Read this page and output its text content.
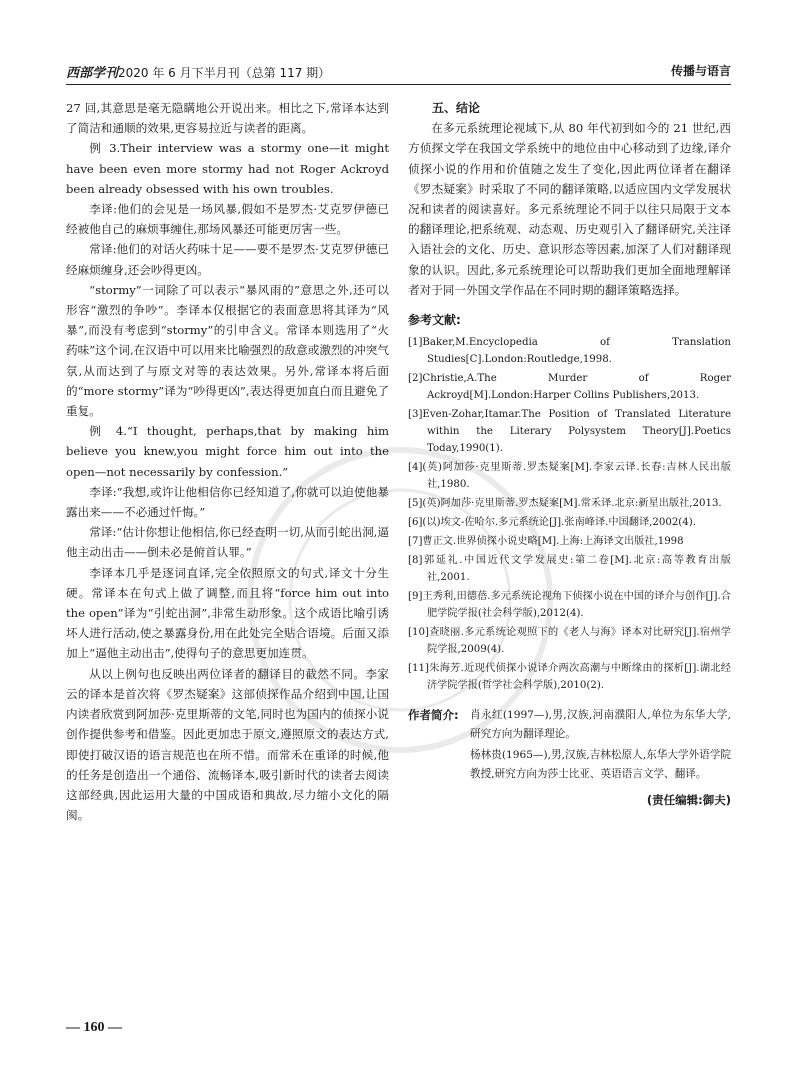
西部学刊2020 年 6 月下半月刊（总第 117 期）	传播与语言

27 回,其意思是毫无隐瞒地公开说出来。相比之下,常译本达到了简洁和通顺的效果,更容易拉近与读者的距离。

例 3.Their interview was a stormy one—it might have been even more stormy had not Roger Ackroyd been already obsessed with his own troubles.

李译:他们的会见是一场风暴,假如不是罗杰·艾克罗伊德已经被他自己的麻烦事缠住,那场风暴还可能更厉害一些。

常译:他们的对话火药味十足——要不是罗杰·艾克罗伊德已经麻烦缠身,还会吵得更凶。

“stormy”一词除了可以表示“暴风雨的”意思之外,还可以形容“激烈的争吵”。李译本仅根据它的表面意思将其译为“风暴”,而没有考虑到“stormy”的引申含义。常译本则选用了“火药味”这个词,在汉语中可以用来比喻强烈的敌意或激烈的冲突气氛,从而达到了与原文对等的表达效果。另外,常译本将后面的“more stormy”译为“吵得更凶”,表达得更加直白而且避免了重复。

例 4.“I thought, perhaps,that by making him believe you knew,you might force him out into the open—not necessarily by confession.”

李译:“我想,或许让他相信你已经知道了,你就可以迫使他暴露出来——不必通过忏悔。”

常译:“估计你想让他相信,你已经查明一切,从而引蛇出洞,逼他主动出击——倒未必是俯首认罪。”

李译本几乎是逐词直译,完全依照原文的句式,译文十分生硬。常译本在句式上做了调整,而且将“force him out into the open”译为“引蛇出洞”,非常生动形象。这个成语比喻引诱坏人进行活动,使之暴露身份,用在此处完全贴合语境。后面又添加上“逼他主动出击”,使得句子的意思更加连贯。

从以上例句也反映出两位译者的翻译目的截然不同。李家云的译本是首次将《罗杰疑案》这部侦探作品介绍到中国,让国内读者欣赏到阿加莎·克里斯蒂的文笔,同时也为国内的侦探小说创作提供参考和借鉴。因此更加忠于原文,遵照原文的表达方式,即使打破汉语的语言规范也在所不惜。而常禾在重译的时候,他的任务是创造出一个通俗、流畅译本,吸引新时代的读者去阅读这部经典,因此运用大量的中国成语和典故,尽力缩小文化的隔阂。

五、结论

在多元系统理论视域下,从 80 年代初到如今的 21 世纪,西方侦探文学在我国文学系统中的地位由中心移动到了边缘,译介侦探小说的作用和价值随之发生了变化,因此两位译者在翻译《罗杰疑案》时采取了不同的翻译策略,以适应国内文学发展状况和读者的阅读喜好。多元系统理论不同于以往只局限于文本的翻译理论,把系统观、动态观、历史观引入了翻译研究,关注译入语社会的文化、历史、意识形态等因素,加深了人们对翻译现象的认识。因此,多元系统理论可以帮助我们更加全面地理解译者对于同一外国文学作品在不同时期的翻译策略选择。

参考文献:
[1]Baker,M.Encyclopedia of Translation Studies[C].London:Routledge,1998.
[2]Christie,A.The Murder of Roger Ackroyd[M].London:Harper Collins Publishers,2013.
[3]Even-Zohar,Itamar.The Position of Translated Literature within the Literary Polysystem Theory[J].Poetics Today,1990(1).
[4](英)阿加莎·克里斯蒂.罗杰疑案[M].李家云译.长春:吉林人民出版社,1980.
[5](英)阿加莎·克里斯蒂.罗杰疑案[M].常禾译.北京:新星出版社,2013.
[6](以)埃文-佐哈尔.多元系统论[J].张南峰译.中国翻译,2002(4).
[7]曹正文.世界侦探小说史略[M].上海:上海译文出版社,1998
[8]郭延礼.中国近代文学发展史:第二卷[M].北京:高等教育出版社,2001.
[9]王秀利,田德蓓.多元系统论视角下侦探小说在中国的译介与创作[J].合肥学院学报(社会科学版),2012(4).
[10]查晓丽.多元系统论观照下的《老人与海》译本对比研究[J].宿州学院学报,2009(4).
[11]朱海芳.近现代侦探小说译介两次高潮与中断缘由的探析[J].湖北经济学院学报(哲学社会科学版),2010(2).
作者简介: 肖永红(1997—),男,汉族,河南濮阳人,单位为东华大学,研究方向为翻译理论。
杨林贵(1965—),男,汉族,吉林松原人,东华大学外语学院教授,研究方向为莎士比亚、英语语言文学、翻译。
(责任编辑:御夫)
— 160 —
